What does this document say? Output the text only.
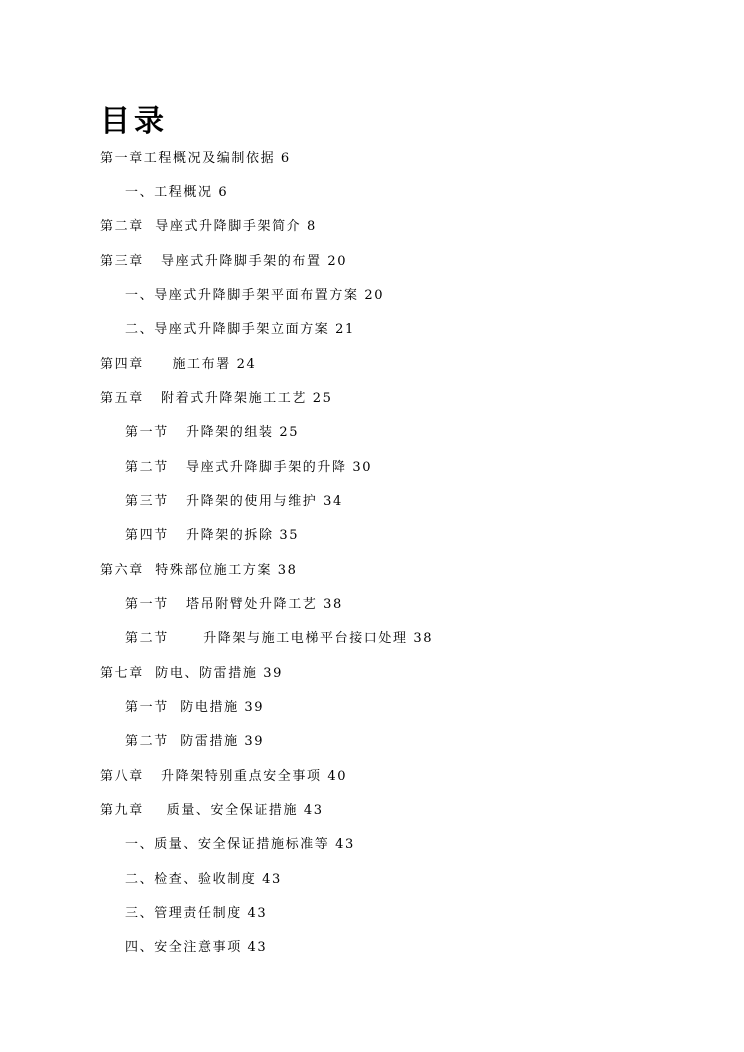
目录
第一章工程概况及编制依据 6
一、工程概况 6
第二章  导座式升降脚手架简介 8
第三章   导座式升降脚手架的布置 20
一、导座式升降脚手架平面布置方案 20
二、导座式升降脚手架立面方案 21
第四章     施工布署 24
第五章   附着式升降架施工工艺 25
第一节   升降架的组装 25
第二节   导座式升降脚手架的升降 30
第三节   升降架的使用与维护 34
第四节   升降架的拆除 35
第六章  特殊部位施工方案 38
第一节   塔吊附臂处升降工艺 38
第二节      升降架与施工电梯平台接口处理 38
第七章  防电、防雷措施 39
第一节  防电措施 39
第二节  防雷措施 39
第八章   升降架特别重点安全事项 40
第九章    质量、安全保证措施 43
一、质量、安全保证措施标准等 43
二、检查、验收制度 43
三、管理责任制度 43
四、安全注意事项 43
